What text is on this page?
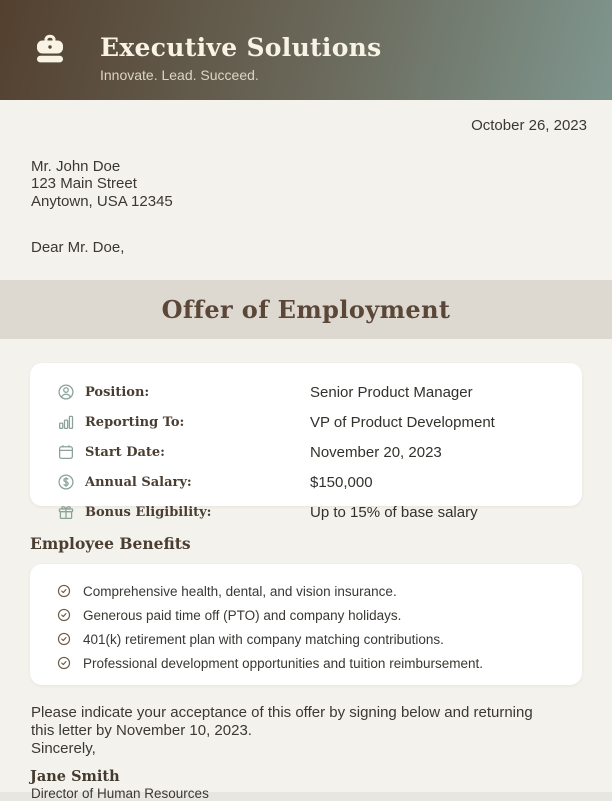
Executive Solutions
Innovate. Lead. Succeed.
October 26, 2023
Mr. John Doe
123 Main Street
Anytown, USA 12345
Dear Mr. Doe,
Offer of Employment
Position:	Senior Product Manager
Reporting To:	VP of Product Development
Start Date:	November 20, 2023
Annual Salary:	$150,000
Bonus Eligibility:	Up to 15% of base salary
Employee Benefits
Comprehensive health, dental, and vision insurance.
Generous paid time off (PTO) and company holidays.
401(k) retirement plan with company matching contributions.
Professional development opportunities and tuition reimbursement.
Please indicate your acceptance of this offer by signing below and returning
this letter by November 10, 2023.
Sincerely,
Jane Smith
Director of Human Resources
